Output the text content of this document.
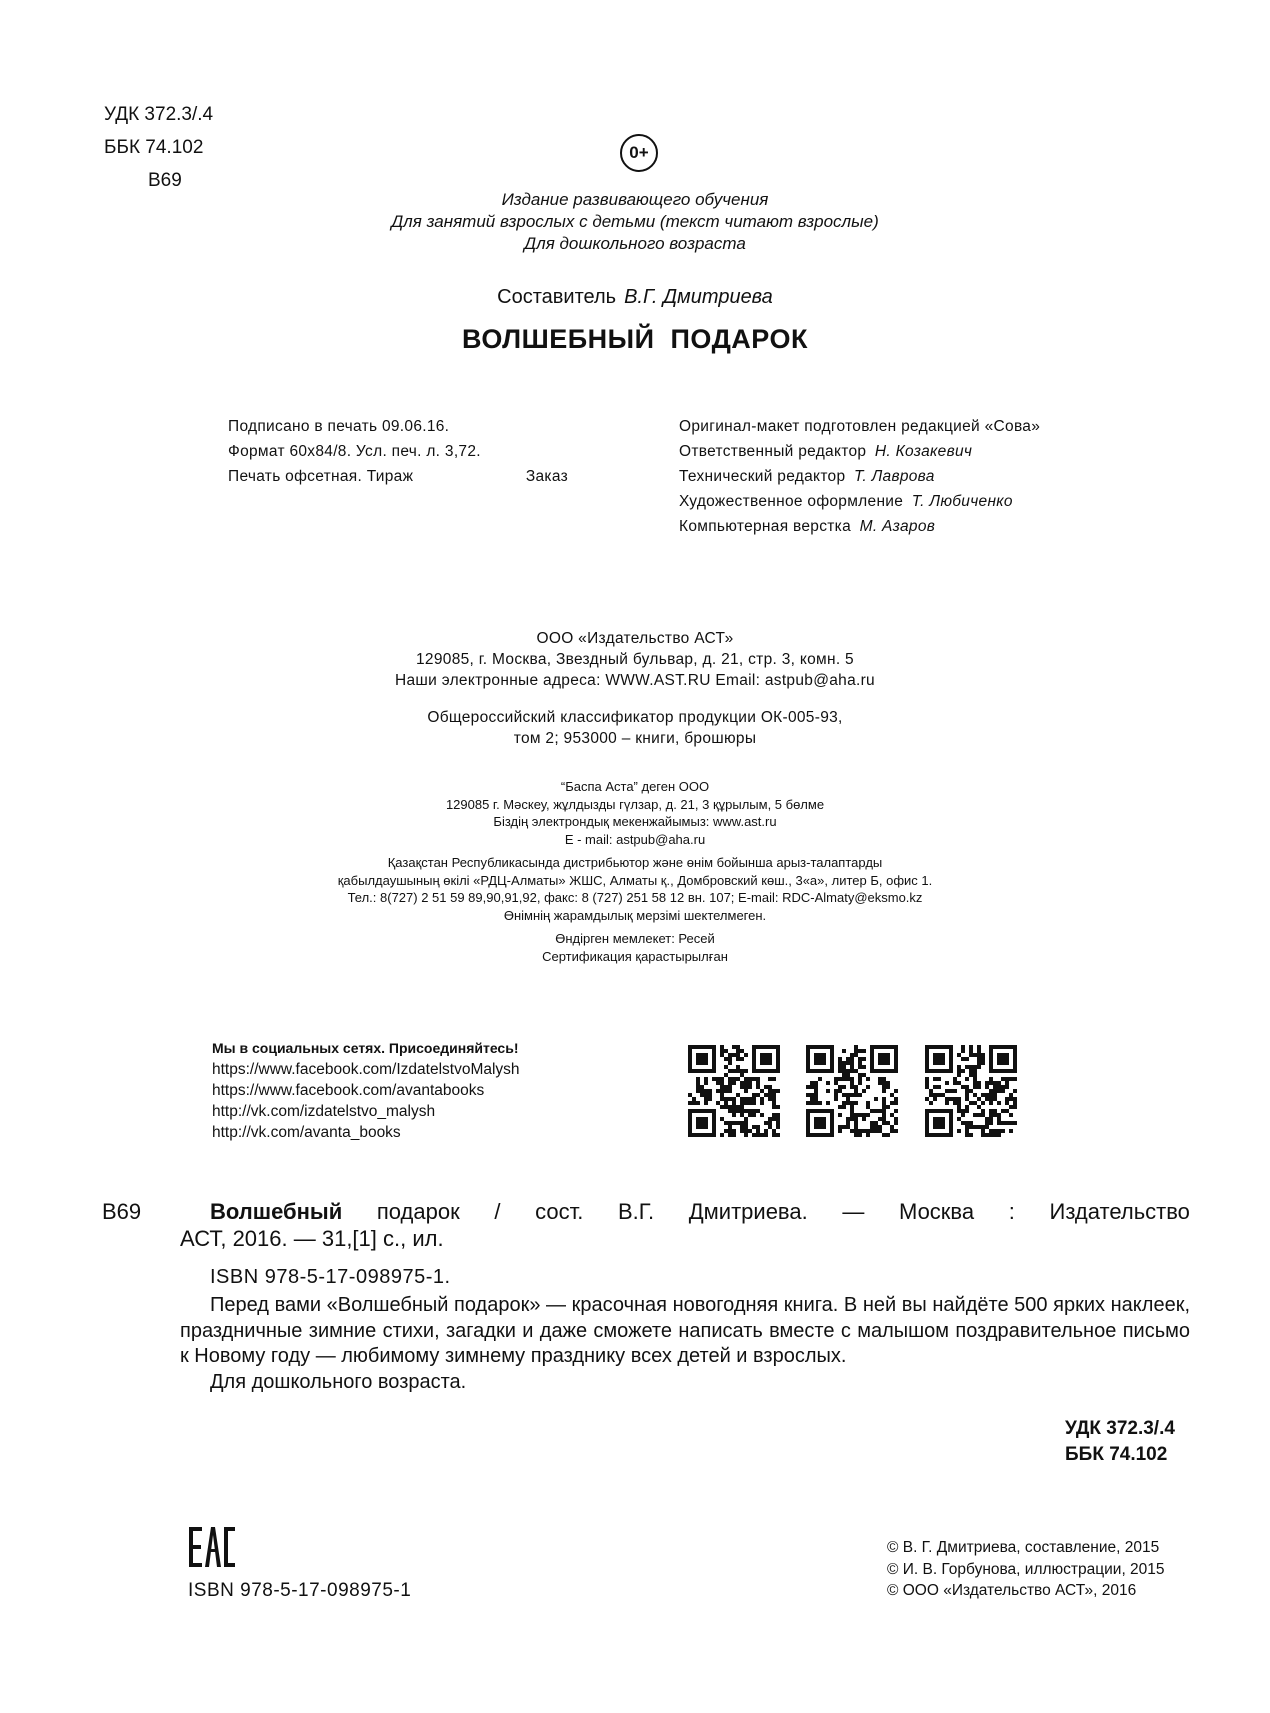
УДК 372.3/.4
ББК 74.102
В69
0+
Издание развивающего обучения
Для занятий взрослых с детьми (текст читают взрослые)
Для дошкольного возраста
Составитель В.Г. Дмитриева
ВОЛШЕБНЫЙ  ПОДАРОК
Подписано в печать 09.06.16.
Формат 60x84/8. Усл. печ. л. 3,72.
Печать офсетная. Тираж	Заказ
Оригинал-макет подготовлен редакцией «Сова»
Ответственный редактор Н. Козакевич
Технический редактор Т. Лаврова
Художественное оформление Т. Любиченко
Компьютерная верстка М. Азаров
ООО «Издательство АСТ»
129085, г. Москва, Звездный бульвар, д. 21, стр. 3, комн. 5
Наши электронные адреса: WWW.AST.RU Email: astpub@aha.ru
Общероссийский классификатор продукции ОК-005-93,
том 2; 953000 – книги, брошюры
“Баспа Аста” деген ООО
129085 г. Мәскеу, жұлдызды гүлзар, д. 21, 3 құрылым, 5 бөлме
Біздің электрондық мекенжайымыз: www.ast.ru
E - mail: astpub@aha.ru
Қазақстан Республикасында дистрибьютор және өнім бойынша арыз-талаптарды
қабылдаушының өкілі «РДЦ-Алматы» ЖШС, Алматы қ., Домбровский көш., 3«а», литер Б, офис 1.
Тел.: 8(727) 2 51 59 89,90,91,92, факс: 8 (727) 251 58 12 вн. 107; E-mail: RDC-Almaty@eksmo.kz
Өнімнің жарамдылық мерзімі шектелмеген.
Өндірген мемлекет: Ресей
Сертификация қарастырылған
Мы в социальных сетях. Присоединяйтесь!
https://www.facebook.com/IzdatelstvoMalysh
https://www.facebook.com/avantabooks
http://vk.com/izdatelstvo_malysh
http://vk.com/avanta_books
В69	Волшебный подарок / сост. В.Г. Дмитриева. — Москва : Издательство
АСТ, 2016. — 31,[1] с., ил.
ISBN 978-5-17-098975-1.

Перед вами «Волшебный подарок» — красочная новогодняя книга. В ней вы найдёте 500 ярких наклеек, праздничные зимние стихи, загадки и даже сможете написать вместе с малышом поздравительное письмо к Новому году — любимому зимнему празднику всех детей и взрослых.

Для дошкольного возраста.

УДК 372.3/.4
ББК 74.102
ISBN 978-5-17-098975-1
© В. Г. Дмитриева, составление, 2015
© И. В. Горбунова, иллюстрации, 2015
© ООО «Издательство АСТ», 2016
